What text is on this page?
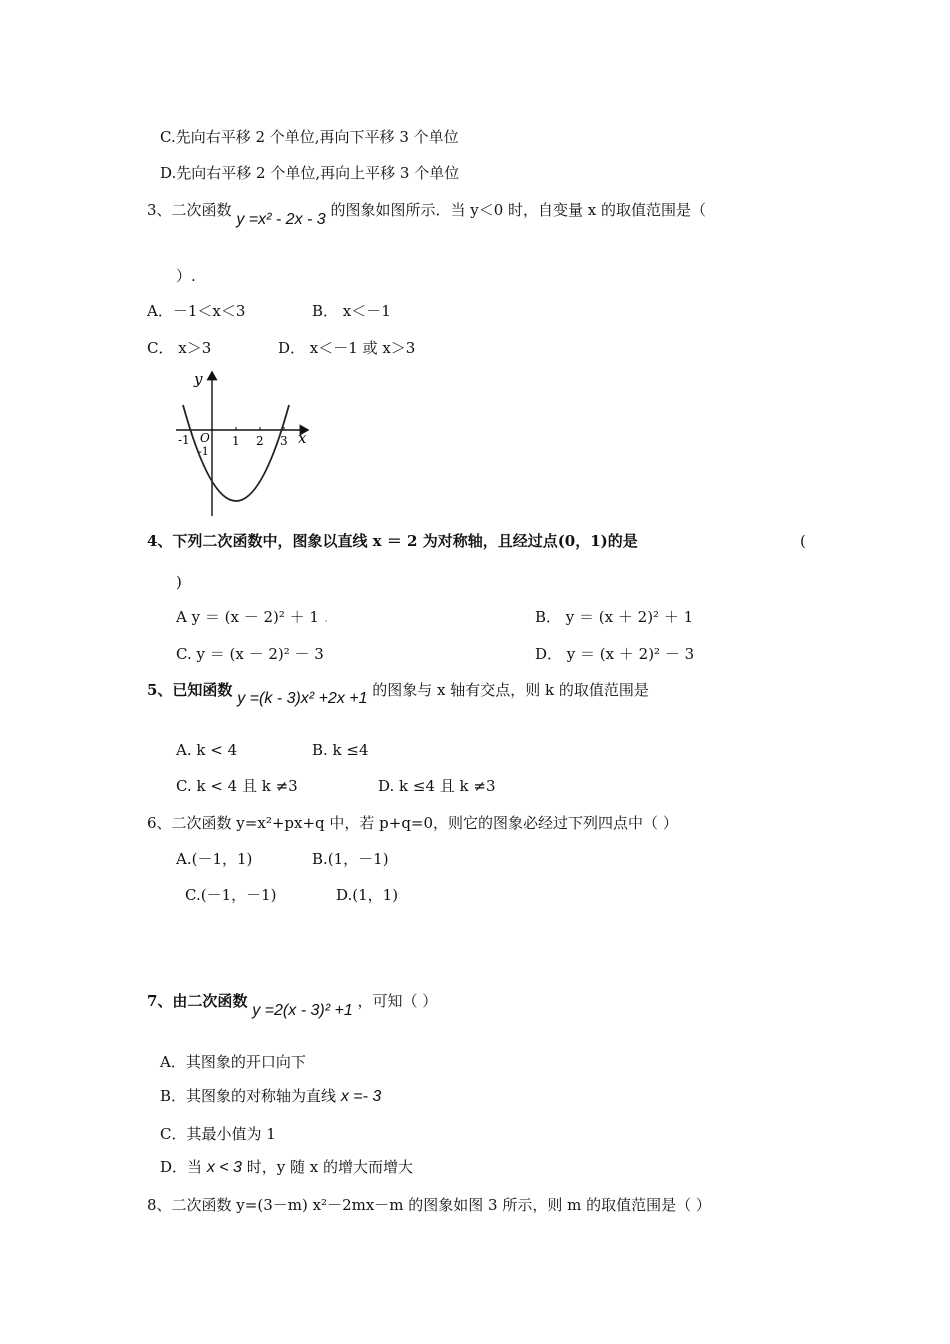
C.先向右平移 2 个单位,再向下平移 3 个单位
D.先向右平移 2 个单位,再向上平移 3 个单位
3、二次函数 y =x² - 2x - 3 的图象如图所示．当 y＜0 时，自变量 x 的取值范围是（
）.
A．－1＜x＜3	B． x＜－1
C． x＞3	D． x＜－1 或 x＞3
y
x
O
-1	1 2 3
-1
4、下列二次函数中，图象以直线 x ＝ 2 为对称轴，且经过点(0，1)的是	(
)
A y ＝ (x － 2)² ＋ 1 .	B． y ＝ (x ＋ 2)² ＋ 1
C. y ＝ (x － 2)² － 3	D． y ＝ (x ＋ 2)² － 3
5、已知函数 y =(k - 3)x² +2x +1 的图象与 x 轴有交点，则 k 的取值范围是
A. k < 4	B. k ≤4
C. k < 4 且 k ≠3	D. k ≤4 且 k ≠3
6、二次函数 y=x²+px+q 中，若 p+q=0，则它的图象必经过下列四点中（ ）
A.(－1，1)	B.(1，－1)
C.(－1，－1)	D.(1，1)
7、由二次函数 y =2(x - 3)² +1 ，可知（ ）
A．其图象的开口向下
B．其图象的对称轴为直线 x =- 3
C．其最小值为 1
D．当 x < 3 时，y 随 x 的增大而增大
8、二次函数 y=(3－m) x²－2mx－m 的图象如图 3 所示，则 m 的取值范围是（ ）
